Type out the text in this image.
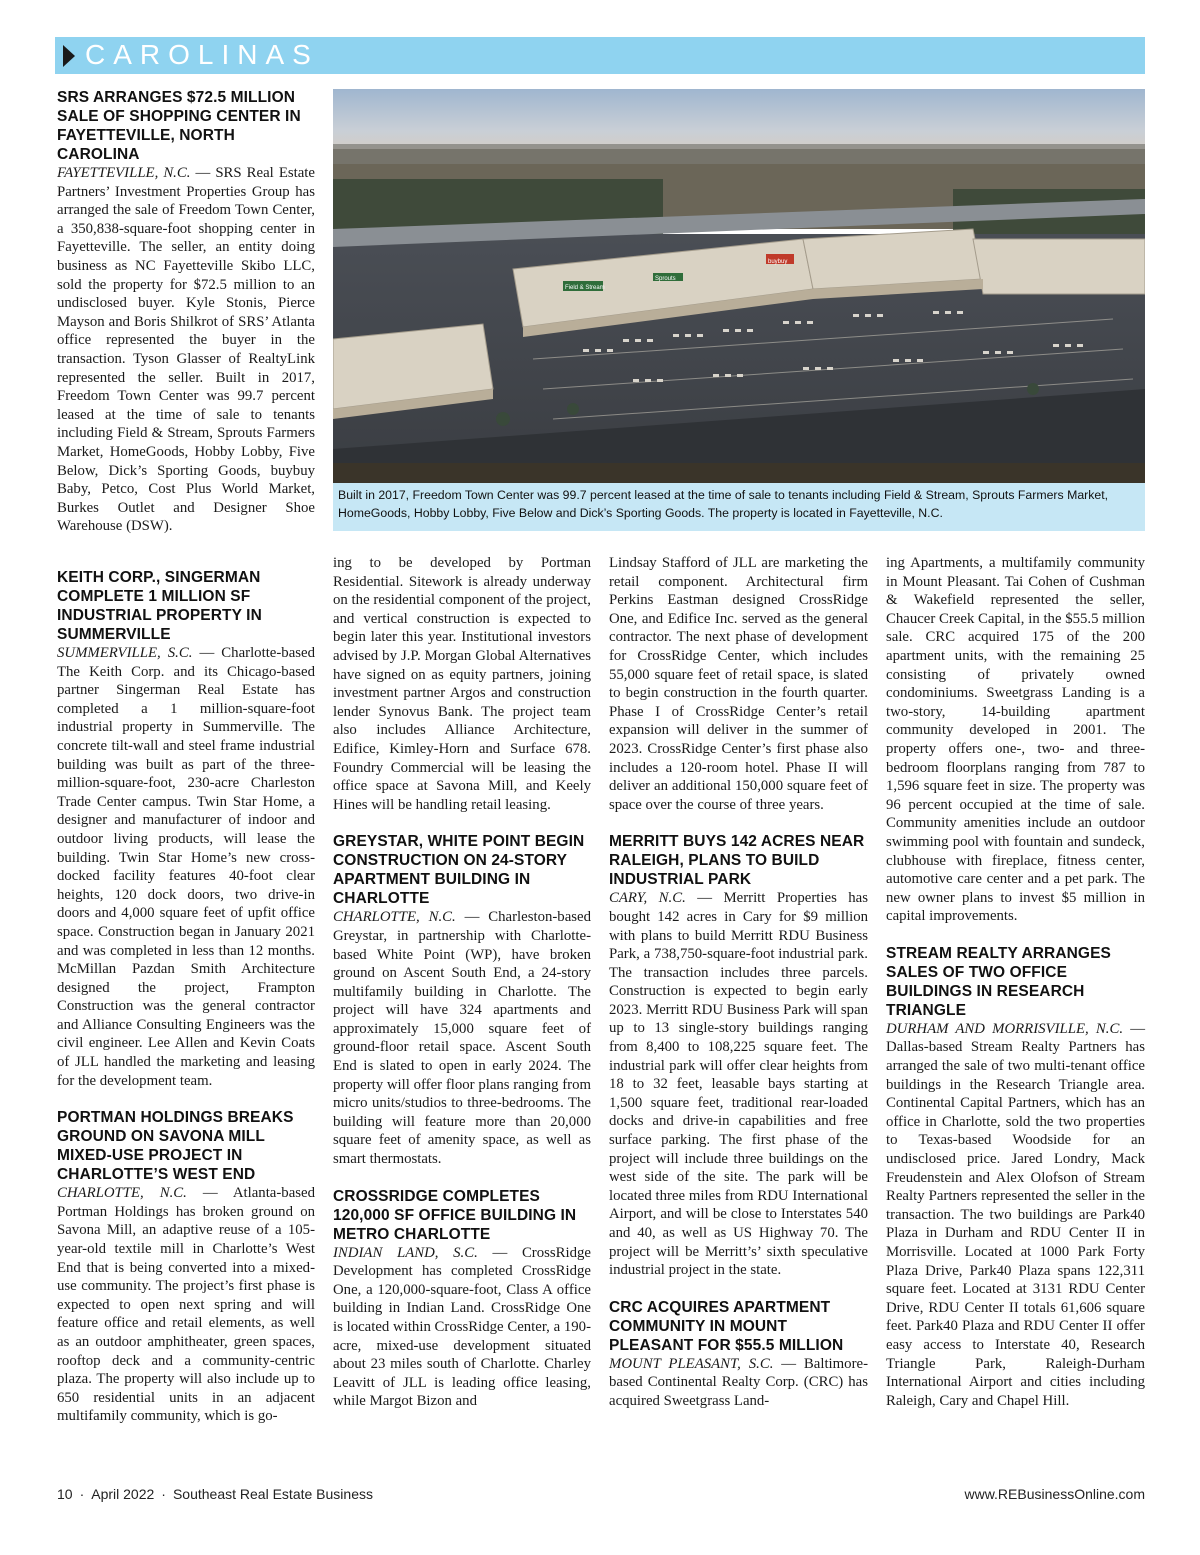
CAROLINAS
SRS ARRANGES $72.5 MILLION SALE OF SHOPPING CENTER IN FAYETTEVILLE, NORTH CAROLINA

FAYETTEVILLE, N.C. — SRS Real Estate Partners’ Investment Properties Group has arranged the sale of Freedom Town Center, a 350,838-square-foot shopping center in Fayetteville. The seller, an entity doing business as NC Fayetteville Skibo LLC, sold the property for $72.5 million to an undisclosed buyer. Kyle Stonis, Pierce Mayson and Boris Shilkrot of SRS’ Atlanta office represented the buyer in the transaction. Tyson Glasser of RealtyLink represented the seller. Built in 2017, Freedom Town Center was 99.7 percent leased at the time of sale to tenants including Field & Stream, Sprouts Farmers Market, HomeGoods, Hobby Lobby, Five Below, Dick’s Sporting Goods, buybuy Baby, Petco, Cost Plus World Market, Burkes Outlet and Designer Shoe Warehouse (DSW).

Field & Stream
Sprouts
buybuy

Built in 2017, Freedom Town Center was 99.7 percent leased at the time of sale to tenants including Field & Stream, Sprouts Farmers Market, HomeGoods, Hobby Lobby, Five Below and Dick’s Sporting Goods. The property is located in Fayetteville, N.C.

KEITH CORP., SINGERMAN COMPLETE 1 MILLION SF INDUSTRIAL PROPERTY IN SUMMERVILLE

SUMMERVILLE, S.C. — Charlotte-based The Keith Corp. and its Chicago-based partner Singerman Real Estate has completed a 1 million-square-foot industrial property in Summerville. The concrete tilt-wall and steel frame industrial building was built as part of the three-million-square-foot, 230-acre Charleston Trade Center campus. Twin Star Home, a designer and manufacturer of indoor and outdoor living products, will lease the building. Twin Star Home’s new cross-docked facility features 40-foot clear heights, 120 dock doors, two drive-in doors and 4,000 square feet of upfit office space. Construction began in January 2021 and was completed in less than 12 months. McMillan Pazdan Smith Architecture designed the project, Frampton Construction was the general contractor and Alliance Consulting Engineers was the civil engineer. Lee Allen and Kevin Coats of JLL handled the marketing and leasing for the development team.

PORTMAN HOLDINGS BREAKS GROUND ON SAVONA MILL MIXED-USE PROJECT IN CHARLOTTE’S WEST END

CHARLOTTE, N.C. — Atlanta-based Portman Holdings has broken ground on Savona Mill, an adaptive reuse of a 105-year-old textile mill in Charlotte’s West End that is being converted into a mixed-use community. The project’s first phase is expected to open next spring and will feature office and retail elements, as well as an outdoor amphitheater, green spaces, rooftop deck and a community-centric plaza. The property will also include up to 650 residential units in an adjacent multifamily community, which is go-

ing to be developed by Portman Residential. Sitework is already underway on the residential component of the project, and vertical construction is expected to begin later this year. Institutional investors advised by J.P. Morgan Global Alternatives have signed on as equity partners, joining investment partner Argos and construction lender Synovus Bank. The project team also includes Alliance Architecture, Edifice, Kimley-Horn and Surface 678. Foundry Commercial will be leasing the office space at Savona Mill, and Keely Hines will be handling retail leasing.

GREYSTAR, WHITE POINT BEGIN CONSTRUCTION ON 24-STORY APARTMENT BUILDING IN CHARLOTTE

CHARLOTTE, N.C. — Charleston-based Greystar, in partnership with Charlotte-based White Point (WP), have broken ground on Ascent South End, a 24-story multifamily building in Charlotte. The project will have 324 apartments and approximately 15,000 square feet of ground-floor retail space. Ascent South End is slated to open in early 2024. The property will offer floor plans ranging from micro units/studios to three-bedrooms. The building will feature more than 20,000 square feet of amenity space, as well as smart thermostats.

CROSSRIDGE COMPLETES 120,000 SF OFFICE BUILDING IN METRO CHARLOTTE

INDIAN LAND, S.C. — CrossRidge Development has completed CrossRidge One, a 120,000-square-foot, Class A office building in Indian Land. CrossRidge One is located within CrossRidge Center, a 190-acre, mixed-use development situated about 23 miles south of Charlotte. Charley Leavitt of JLL is leading office leasing, while Margot Bizon and

Lindsay Stafford of JLL are marketing the retail component. Architectural firm Perkins Eastman designed CrossRidge One, and Edifice Inc. served as the general contractor. The next phase of development for CrossRidge Center, which includes 55,000 square feet of retail space, is slated to begin construction in the fourth quarter. Phase I of CrossRidge Center’s retail expansion will deliver in the summer of 2023. CrossRidge Center’s first phase also includes a 120-room hotel. Phase II will deliver an additional 150,000 square feet of space over the course of three years.

MERRITT BUYS 142 ACRES NEAR RALEIGH, PLANS TO BUILD INDUSTRIAL PARK

CARY, N.C. — Merritt Properties has bought 142 acres in Cary for $9 million with plans to build Merritt RDU Business Park, a 738,750-square-foot industrial park. The transaction includes three parcels. Construction is expected to begin early 2023. Merritt RDU Business Park will span up to 13 single-story buildings ranging from 8,400 to 108,225 square feet. The industrial park will offer clear heights from 18 to 32 feet, leasable bays starting at 1,500 square feet, traditional rear-loaded docks and drive-in capabilities and free surface parking. The first phase of the project will include three buildings on the west side of the site. The park will be located three miles from RDU International Airport, and will be close to Interstates 540 and 40, as well as US Highway 70. The project will be Merritt’s’ sixth speculative industrial project in the state.

CRC ACQUIRES APARTMENT COMMUNITY IN MOUNT PLEASANT FOR $55.5 MILLION

MOUNT PLEASANT, S.C. — Baltimore-based Continental Realty Corp. (CRC) has acquired Sweetgrass Land-

ing Apartments, a multifamily community in Mount Pleasant. Tai Cohen of Cushman & Wakefield represented the seller, Chaucer Creek Capital, in the $55.5 million sale. CRC acquired 175 of the 200 apartment units, with the remaining 25 consisting of privately owned condominiums. Sweetgrass Landing is a two-story, 14-building apartment community developed in 2001. The property offers one-, two- and three-bedroom floorplans ranging from 787 to 1,596 square feet in size. The property was 96 percent occupied at the time of sale. Community amenities include an outdoor swimming pool with fountain and sundeck, clubhouse with fireplace, fitness center, automotive care center and a pet park. The new owner plans to invest $5 million in capital improvements.

STREAM REALTY ARRANGES SALES OF TWO OFFICE BUILDINGS IN RESEARCH TRIANGLE

DURHAM AND MORRISVILLE, N.C. — Dallas-based Stream Realty Partners has arranged the sale of two multi-tenant office buildings in the Research Triangle area. Continental Capital Partners, which has an office in Charlotte, sold the two properties to Texas-based Woodside for an undisclosed price. Jared Londry, Mack Freudenstein and Alex Olofson of Stream Realty Partners represented the seller in the transaction. The two buildings are Park40 Plaza in Durham and RDU Center II in Morrisville. Located at 1000 Park Forty Plaza Drive, Park40 Plaza spans 122,311 square feet. Located at 3131 RDU Center Drive, RDU Center II totals 61,606 square feet. Park40 Plaza and RDU Center II offer easy access to Interstate 40, Research Triangle Park, Raleigh-Durham International Airport and cities including Raleigh, Cary and Chapel Hill.

10 · April 2022 · Southeast Real Estate Business	www.REBusinessOnline.com
